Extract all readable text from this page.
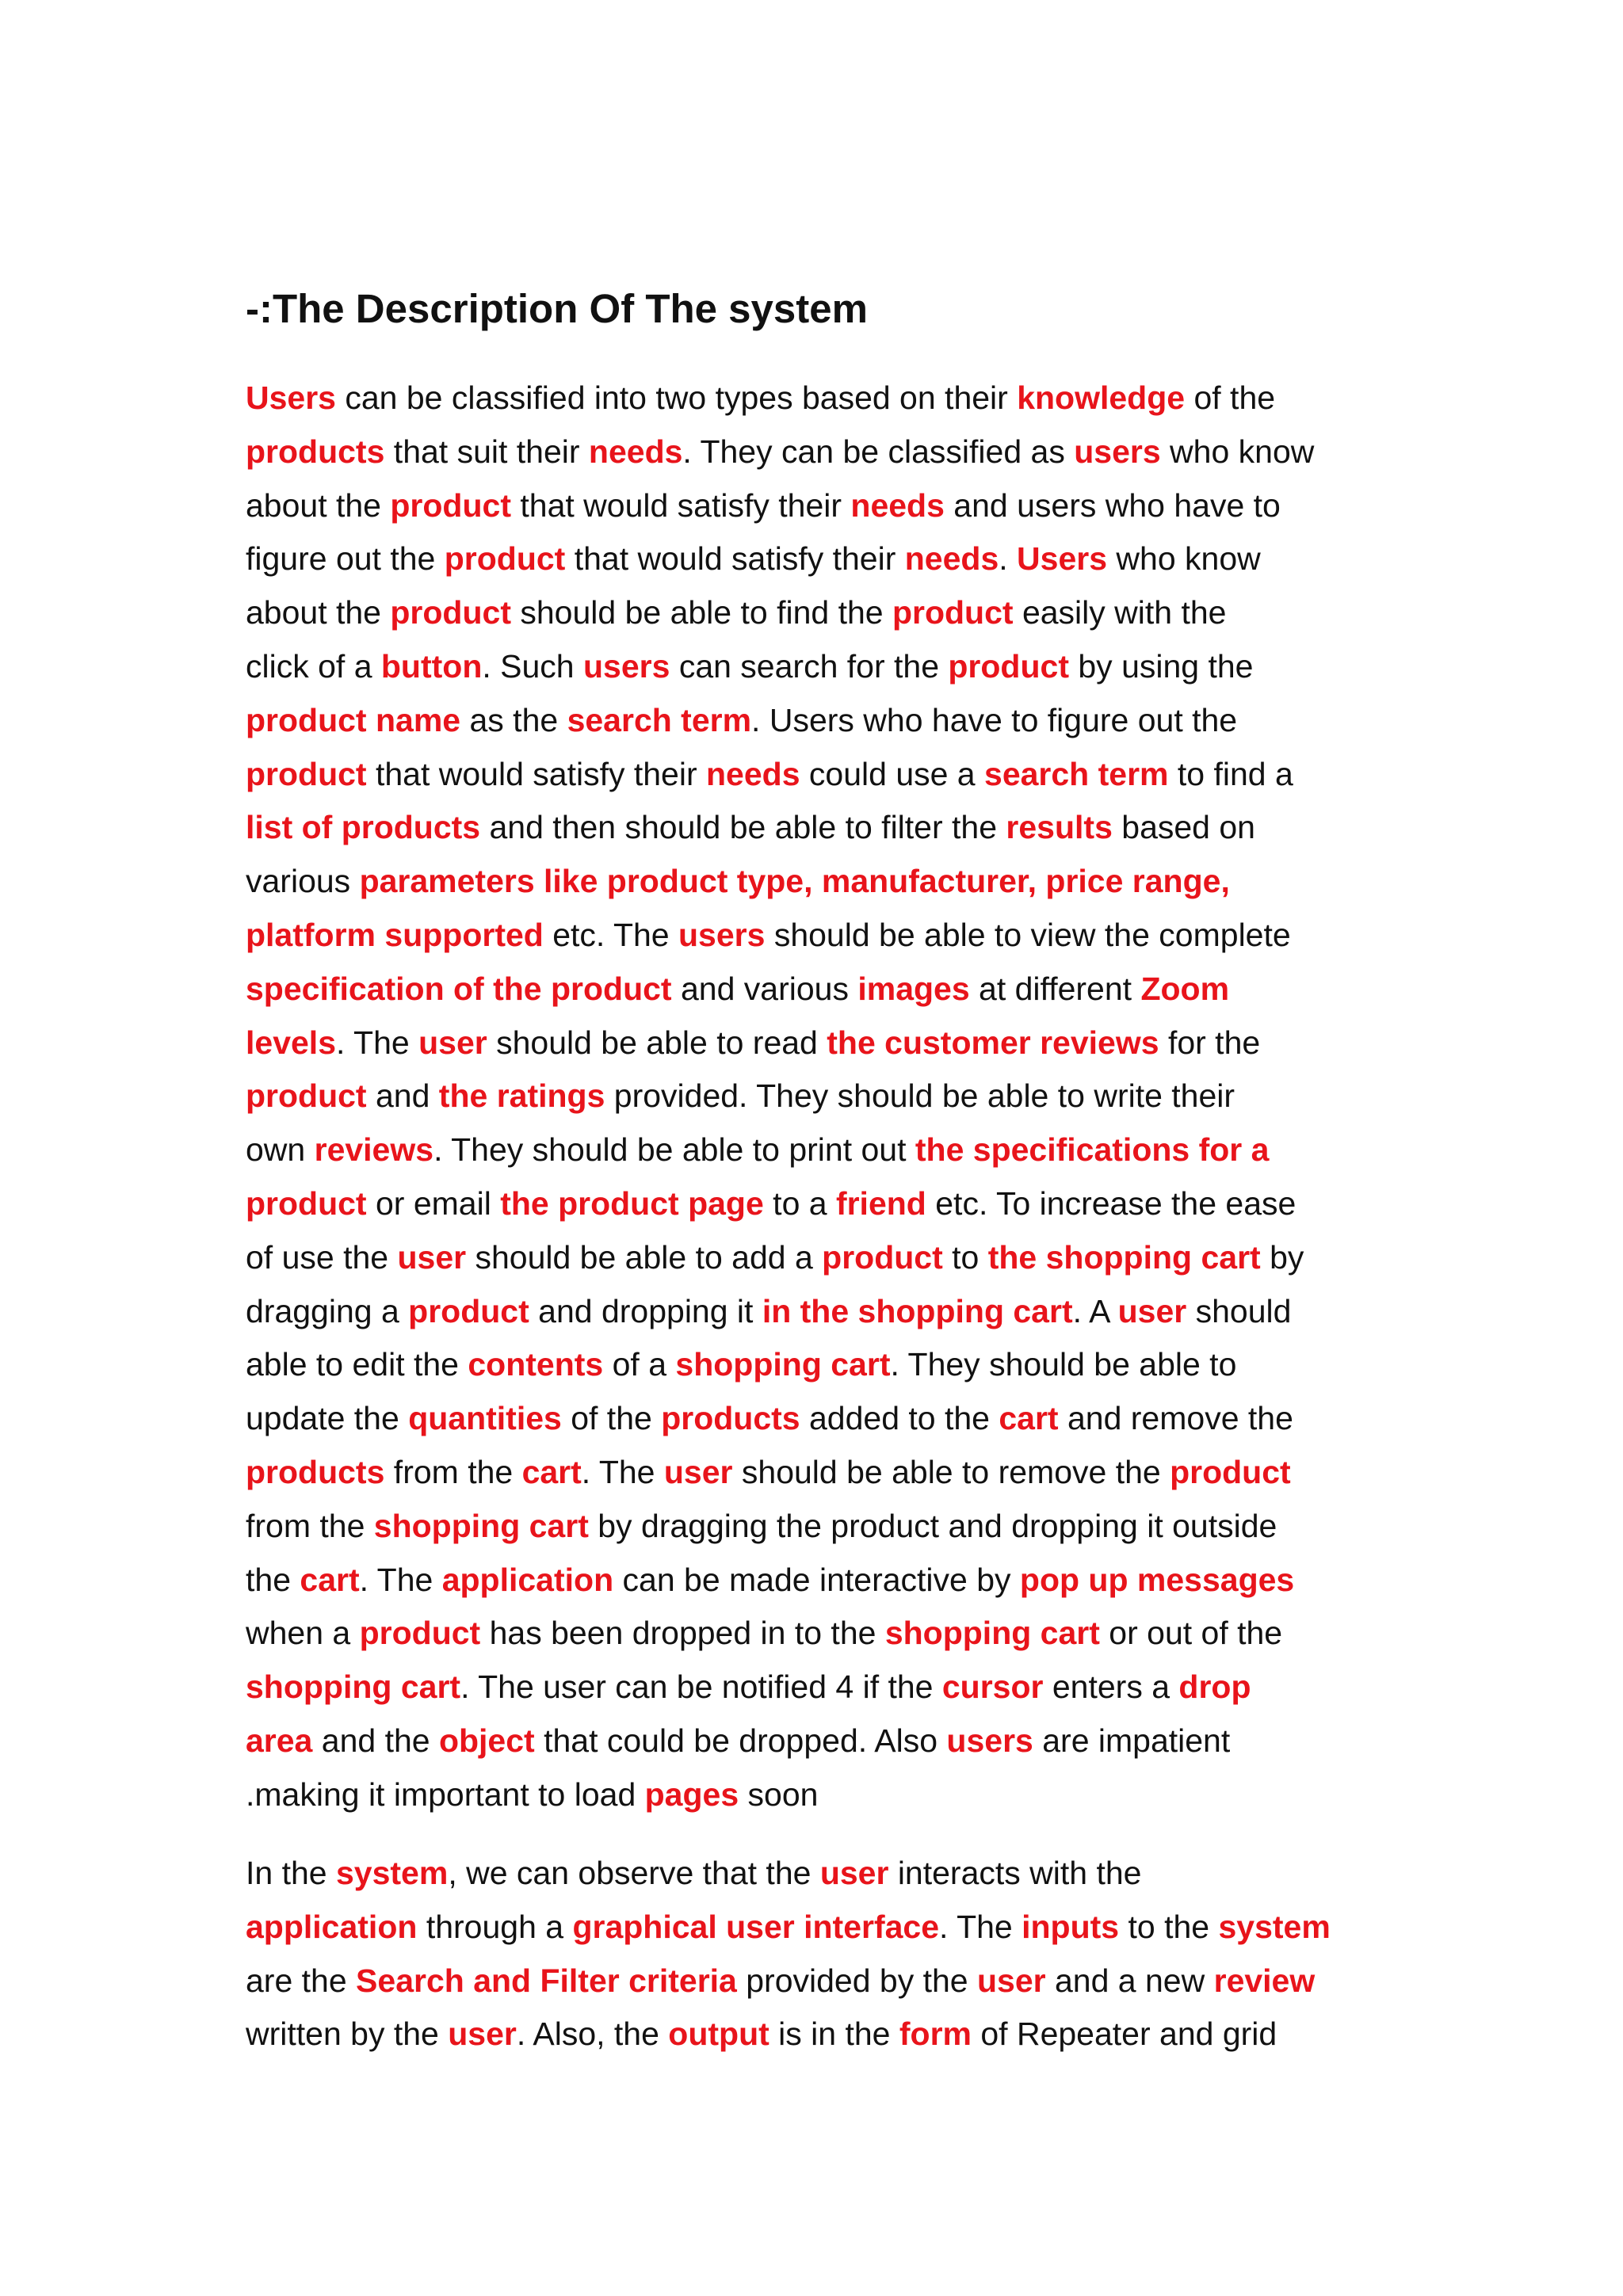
-:The Description Of The system
Users can be classified into two types based on their knowledge of the
products that suit their needs. They can be classified as users who know
about the product that would satisfy their needs and users who have to
figure out the product that would satisfy their needs. Users who know
about the product should be able to find the product easily with the
click of a button. Such users can search for the product by using the
product name as the search term. Users who have to figure out the
product that would satisfy their needs could use a search term to find a
list of products and then should be able to filter the results based on
various parameters like product type, manufacturer, price range,
platform supported etc. The users should be able to view the complete
specification of the product and various images at different Zoom
levels. The user should be able to read the customer reviews for the
product and the ratings provided. They should be able to write their
own reviews. They should be able to print out the specifications for a
product or email the product page to a friend etc. To increase the ease
of use the user should be able to add a product to the shopping cart by
dragging a product and dropping it in the shopping cart. A user should
able to edit the contents of a shopping cart. They should be able to
update the quantities of the products added to the cart and remove the
products from the cart. The user should be able to remove the product
from the shopping cart by dragging the product and dropping it outside
the cart. The application can be made interactive by pop up messages
when a product has been dropped in to the shopping cart or out of the
shopping cart. The user can be notified 4 if the cursor enters a drop
area and the object that could be dropped. Also users are impatient
.making it important to load pages soon
In the system, we can observe that the user interacts with the
application through a graphical user interface. The inputs to the system
are the Search and Filter criteria provided by the user and a new review
written by the user. Also, the output is in the form of Repeater and grid
